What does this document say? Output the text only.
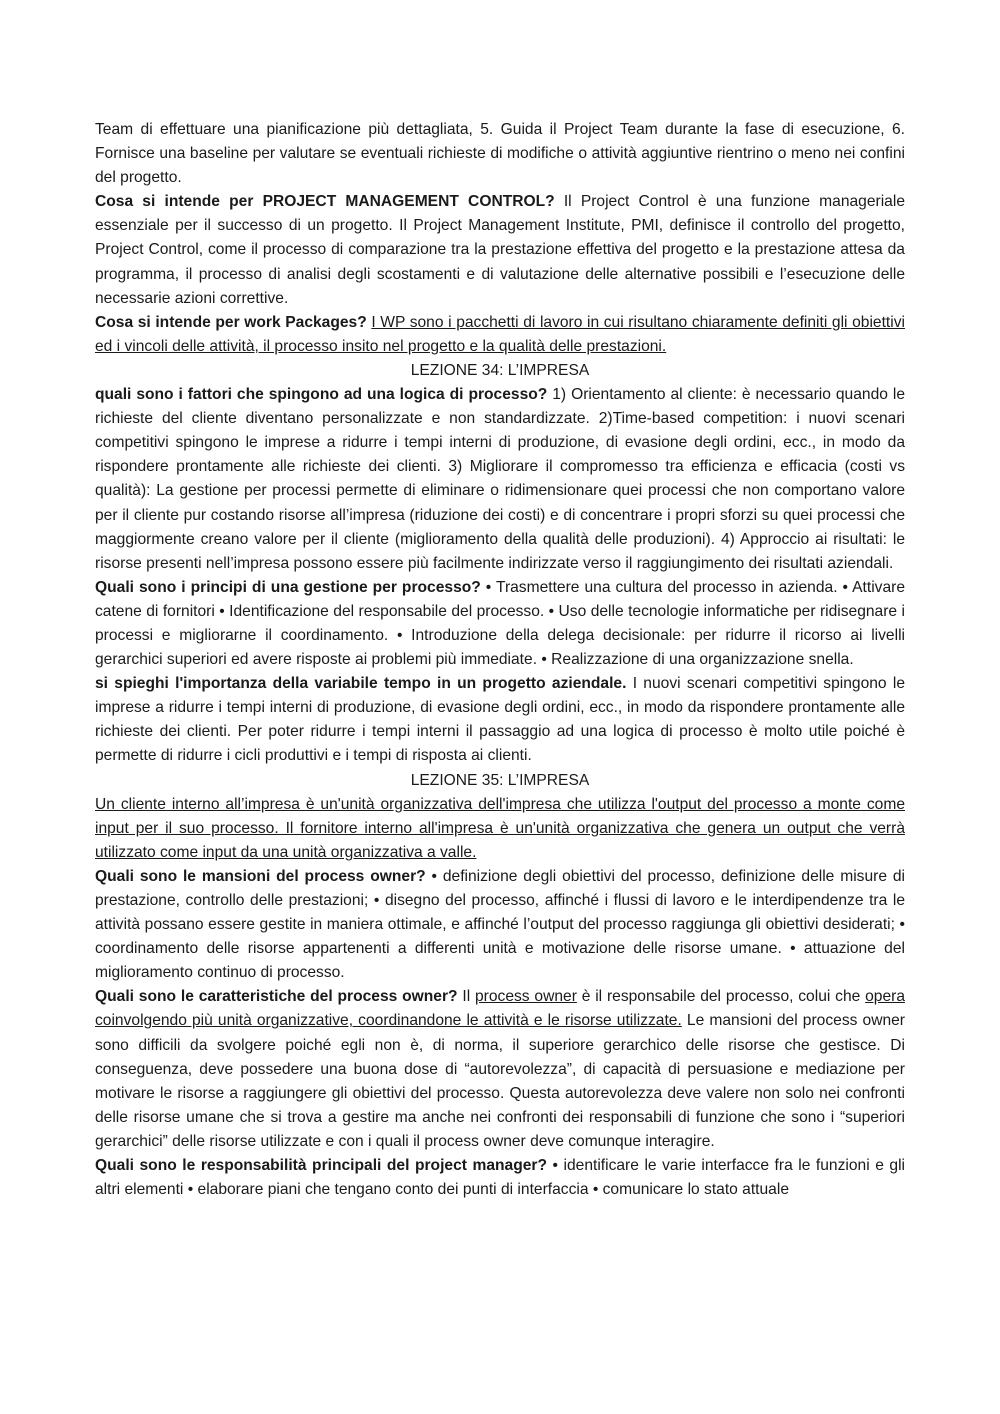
Team di effettuare una pianificazione più dettagliata, 5. Guida il Project Team durante la fase di esecuzione, 6. Fornisce una baseline per valutare se eventuali richieste di modifiche o attività aggiuntive rientrino o meno nei confini del progetto.

Cosa si intende per PROJECT MANAGEMENT CONTROL? Il Project Control è una funzione manageriale essenziale per il successo di un progetto. Il Project Management Institute, PMI, definisce il controllo del progetto, Project Control, come il processo di comparazione tra la prestazione effettiva del progetto e la prestazione attesa da programma, il processo di analisi degli scostamenti e di valutazione delle alternative possibili e l’esecuzione delle necessarie azioni correttive.

Cosa si intende per work Packages? I WP sono i pacchetti di lavoro in cui risultano chiaramente definiti gli obiettivi ed i vincoli delle attività, il processo insito nel progetto e la qualità delle prestazioni.

LEZIONE 34: L’IMPRESA

quali sono i fattori che spingono ad una logica di processo? 1) Orientamento al cliente: è necessario quando le richieste del cliente diventano personalizzate e non standardizzate. 2)Time-based competition: i nuovi scenari competitivi spingono le imprese a ridurre i tempi interni di produzione, di evasione degli ordini, ecc., in modo da rispondere prontamente alle richieste dei clienti. 3) Migliorare il compromesso tra efficienza e efficacia (costi vs qualità): La gestione per processi permette di eliminare o ridimensionare quei processi che non comportano valore per il cliente pur costando risorse all’impresa (riduzione dei costi) e di concentrare i propri sforzi su quei processi che maggiormente creano valore per il cliente (miglioramento della qualità delle produzioni). 4) Approccio ai risultati: le risorse presenti nell’impresa possono essere più facilmente indirizzate verso il raggiungimento dei risultati aziendali.

Quali sono i principi di una gestione per processo? • Trasmettere una cultura del processo in azienda. • Attivare catene di fornitori • Identificazione del responsabile del processo. • Uso delle tecnologie informatiche per ridisegnare i processi e migliorarne il coordinamento. • Introduzione della delega decisionale: per ridurre il ricorso ai livelli gerarchici superiori ed avere risposte ai problemi più immediate. • Realizzazione di una organizzazione snella.

si spieghi l'importanza della variabile tempo in un progetto aziendale. I nuovi scenari competitivi spingono le imprese a ridurre i tempi interni di produzione, di evasione degli ordini, ecc., in modo da rispondere prontamente alle richieste dei clienti. Per poter ridurre i tempi interni il passaggio ad una logica di processo è molto utile poiché è permette di ridurre i cicli produttivi e i tempi di risposta ai clienti.

LEZIONE 35: L’IMPRESA

Un cliente interno all’impresa è un'unità organizzativa dell'impresa che utilizza l'output del processo a monte come input per il suo processo. Il fornitore interno all'impresa è un'unità organizzativa che genera un output che verrà utilizzato come input da una unità organizzativa a valle.

Quali sono le mansioni del process owner? • definizione degli obiettivi del processo, definizione delle misure di prestazione, controllo delle prestazioni; • disegno del processo, affinché i flussi di lavoro e le interdipendenze tra le attività possano essere gestite in maniera ottimale, e affinché l’output del processo raggiunga gli obiettivi desiderati; • coordinamento delle risorse appartenenti a differenti unità e motivazione delle risorse umane. • attuazione del miglioramento continuo di processo.

Quali sono le caratteristiche del process owner? Il process owner è il responsabile del processo, colui che opera coinvolgendo più unità organizzative, coordinandone le attività e le risorse utilizzate. Le mansioni del process owner sono difficili da svolgere poiché egli non è, di norma, il superiore gerarchico delle risorse che gestisce. Di conseguenza, deve possedere una buona dose di “autorevolezza”, di capacità di persuasione e mediazione per motivare le risorse a raggiungere gli obiettivi del processo. Questa autorevolezza deve valere non solo nei confronti delle risorse umane che si trova a gestire ma anche nei confronti dei responsabili di funzione che sono i “superiori gerarchici” delle risorse utilizzate e con i quali il process owner deve comunque interagire.

Quali sono le responsabilità principali del project manager? • identificare le varie interfacce fra le funzioni e gli altri elementi • elaborare piani che tengano conto dei punti di interfaccia • comunicare lo stato attuale
